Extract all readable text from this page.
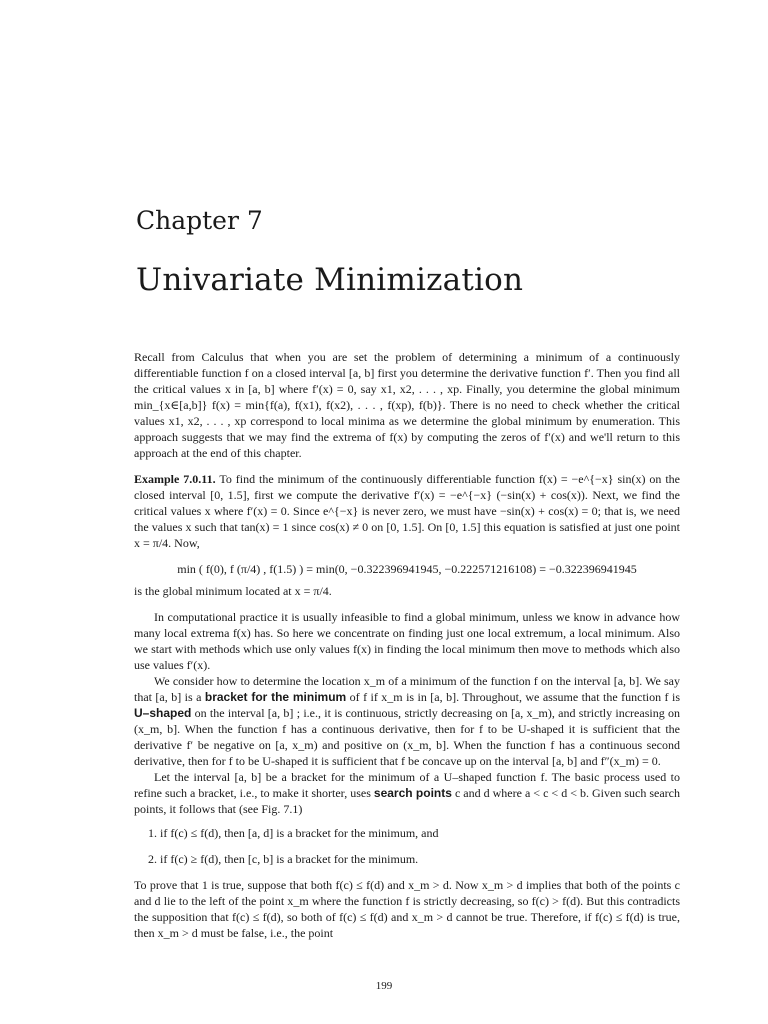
Chapter 7
Univariate Minimization

Recall from Calculus that when you are set the problem of determining a minimum of a continuously differentiable function f on a closed interval [a, b] first you determine the derivative function f′. Then you find all the critical values x in [a, b] where f′(x) = 0, say x1, x2, . . . , xp. Finally, you determine the global minimum min_{x∈[a,b]} f(x) = min{f(a), f(x1), f(x2), . . . , f(xp), f(b)}. There is no need to check whether the critical values x1, x2, . . . , xp correspond to local minima as we determine the global minimum by enumeration. This approach suggests that we may find the extrema of f(x) by computing the zeros of f′(x) and we'll return to this approach at the end of this chapter.

Example 7.0.11. To find the minimum of the continuously differentiable function f(x) = −e^{−x} sin(x) on the closed interval [0, 1.5], first we compute the derivative f′(x) = −e^{−x} (−sin(x) + cos(x)). Next, we find the critical values x where f′(x) = 0. Since e^{−x} is never zero, we must have −sin(x) + cos(x) = 0; that is, we need the values x such that tan(x) = 1 since cos(x) ≠ 0 on [0, 1.5]. On [0, 1.5] this equation is satisfied at just one point x = π/4. Now,

min ( f(0), f (π/4) , f(1.5) ) = min(0, −0.322396941945, −0.222571216108) = −0.322396941945

is the global minimum located at x = π/4.

In computational practice it is usually infeasible to find a global minimum, unless we know in advance how many local extrema f(x) has. So here we concentrate on finding just one local extremum, a local minimum. Also we start with methods which use only values f(x) in finding the local minimum then move to methods which also use values f′(x).

We consider how to determine the location x_m of a minimum of the function f on the interval [a, b]. We say that [a, b] is a bracket for the minimum of f if x_m is in [a, b]. Throughout, we assume that the function f is U–shaped on the interval [a, b] ; i.e., it is continuous, strictly decreasing on [a, x_m), and strictly increasing on (x_m, b]. When the function f has a continuous derivative, then for f to be U-shaped it is sufficient that the derivative f′ be negative on [a, x_m) and positive on (x_m, b]. When the function f has a continuous second derivative, then for f to be U-shaped it is sufficient that f be concave up on the interval [a, b] and f″(x_m) = 0.

Let the interval [a, b] be a bracket for the minimum of a U–shaped function f. The basic process used to refine such a bracket, i.e., to make it shorter, uses search points c and d where a < c < d < b. Given such search points, it follows that (see Fig. 7.1)

1. if f(c) ≤ f(d), then [a, d] is a bracket for the minimum, and
2. if f(c) ≥ f(d), then [c, b] is a bracket for the minimum.

To prove that 1 is true, suppose that both f(c) ≤ f(d) and x_m > d. Now x_m > d implies that both of the points c and d lie to the left of the point x_m where the function f is strictly decreasing, so f(c) > f(d). But this contradicts the supposition that f(c) ≤ f(d), so both of f(c) ≤ f(d) and x_m > d cannot be true. Therefore, if f(c) ≤ f(d) is true, then x_m > d must be false, i.e., the point

199
